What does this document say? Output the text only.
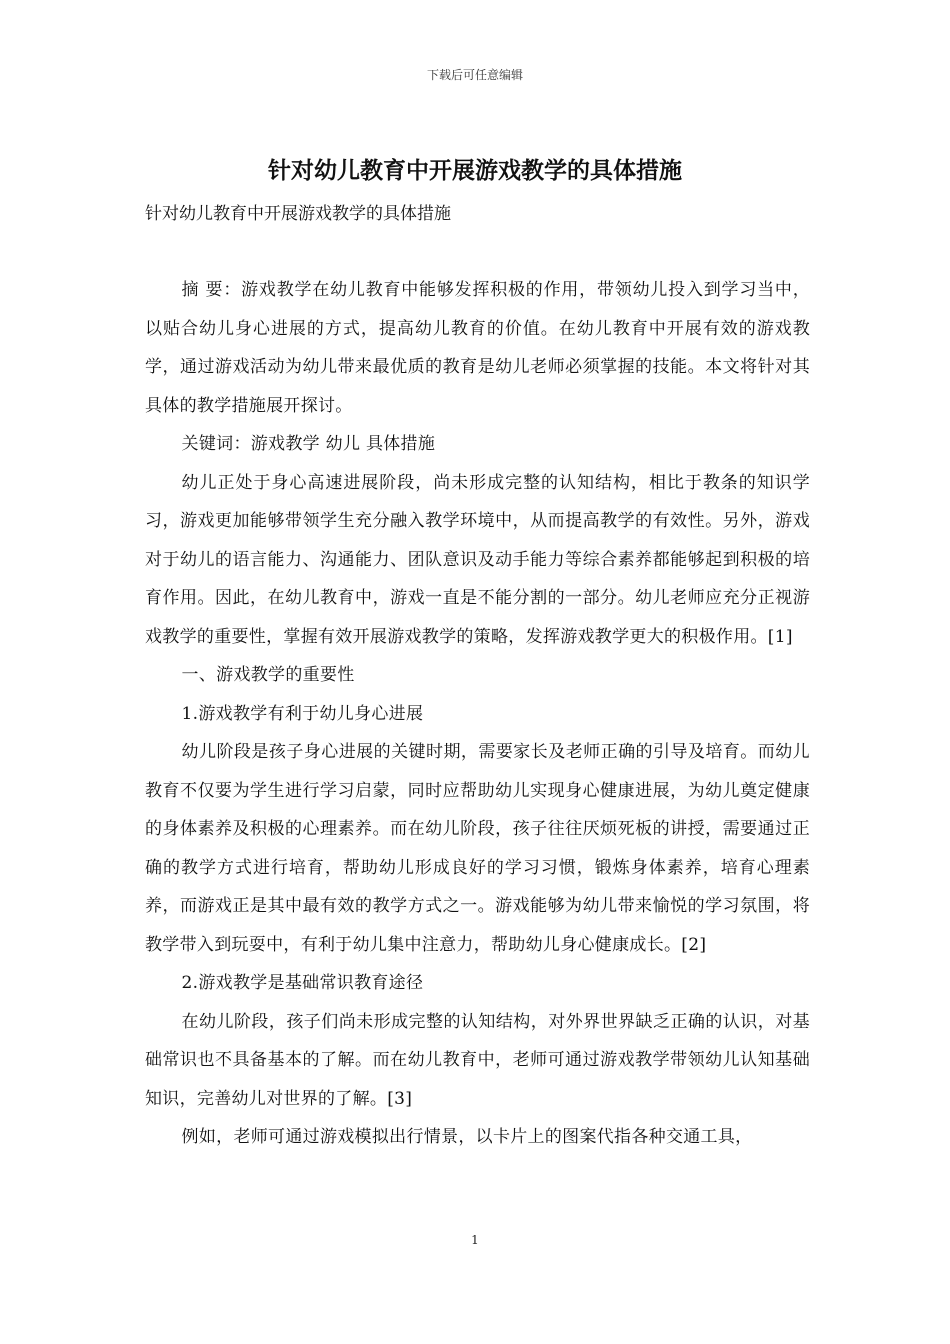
下载后可任意编辑
针对幼儿教育中开展游戏教学的具体措施

针对幼儿教育中开展游戏教学的具体措施

摘 要：游戏教学在幼儿教育中能够发挥积极的作用，带领幼儿投入到学习当中，以贴合幼儿身心进展的方式，提高幼儿教育的价值。在幼儿教育中开展有效的游戏教学，通过游戏活动为幼儿带来最优质的教育是幼儿老师必须掌握的技能。本文将针对其具体的教学措施展开探讨。

关键词：游戏教学 幼儿 具体措施

幼儿正处于身心高速进展阶段，尚未形成完整的认知结构，相比于教条的知识学习，游戏更加能够带领学生充分融入教学环境中，从而提高教学的有效性。另外，游戏对于幼儿的语言能力、沟通能力、团队意识及动手能力等综合素养都能够起到积极的培育作用。因此，在幼儿教育中，游戏一直是不能分割的一部分。幼儿老师应充分正视游戏教学的重要性，掌握有效开展游戏教学的策略，发挥游戏教学更大的积极作用。[1]

一、游戏教学的重要性

1.游戏教学有利于幼儿身心进展

幼儿阶段是孩子身心进展的关键时期，需要家长及老师正确的引导及培育。而幼儿教育不仅要为学生进行学习启蒙，同时应帮助幼儿实现身心健康进展，为幼儿奠定健康的身体素养及积极的心理素养。而在幼儿阶段，孩子往往厌烦死板的讲授，需要通过正确的教学方式进行培育，帮助幼儿形成良好的学习习惯，锻炼身体素养，培育心理素养，而游戏正是其中最有效的教学方式之一。游戏能够为幼儿带来愉悦的学习氛围，将教学带入到玩耍中，有利于幼儿集中注意力，帮助幼儿身心健康成长。[2]

2.游戏教学是基础常识教育途径

在幼儿阶段，孩子们尚未形成完整的认知结构，对外界世界缺乏正确的认识，对基础常识也不具备基本的了解。而在幼儿教育中，老师可通过游戏教学带领幼儿认知基础知识，完善幼儿对世界的了解。[3]

例如，老师可通过游戏模拟出行情景，以卡片上的图案代指各种交通工具，

1
